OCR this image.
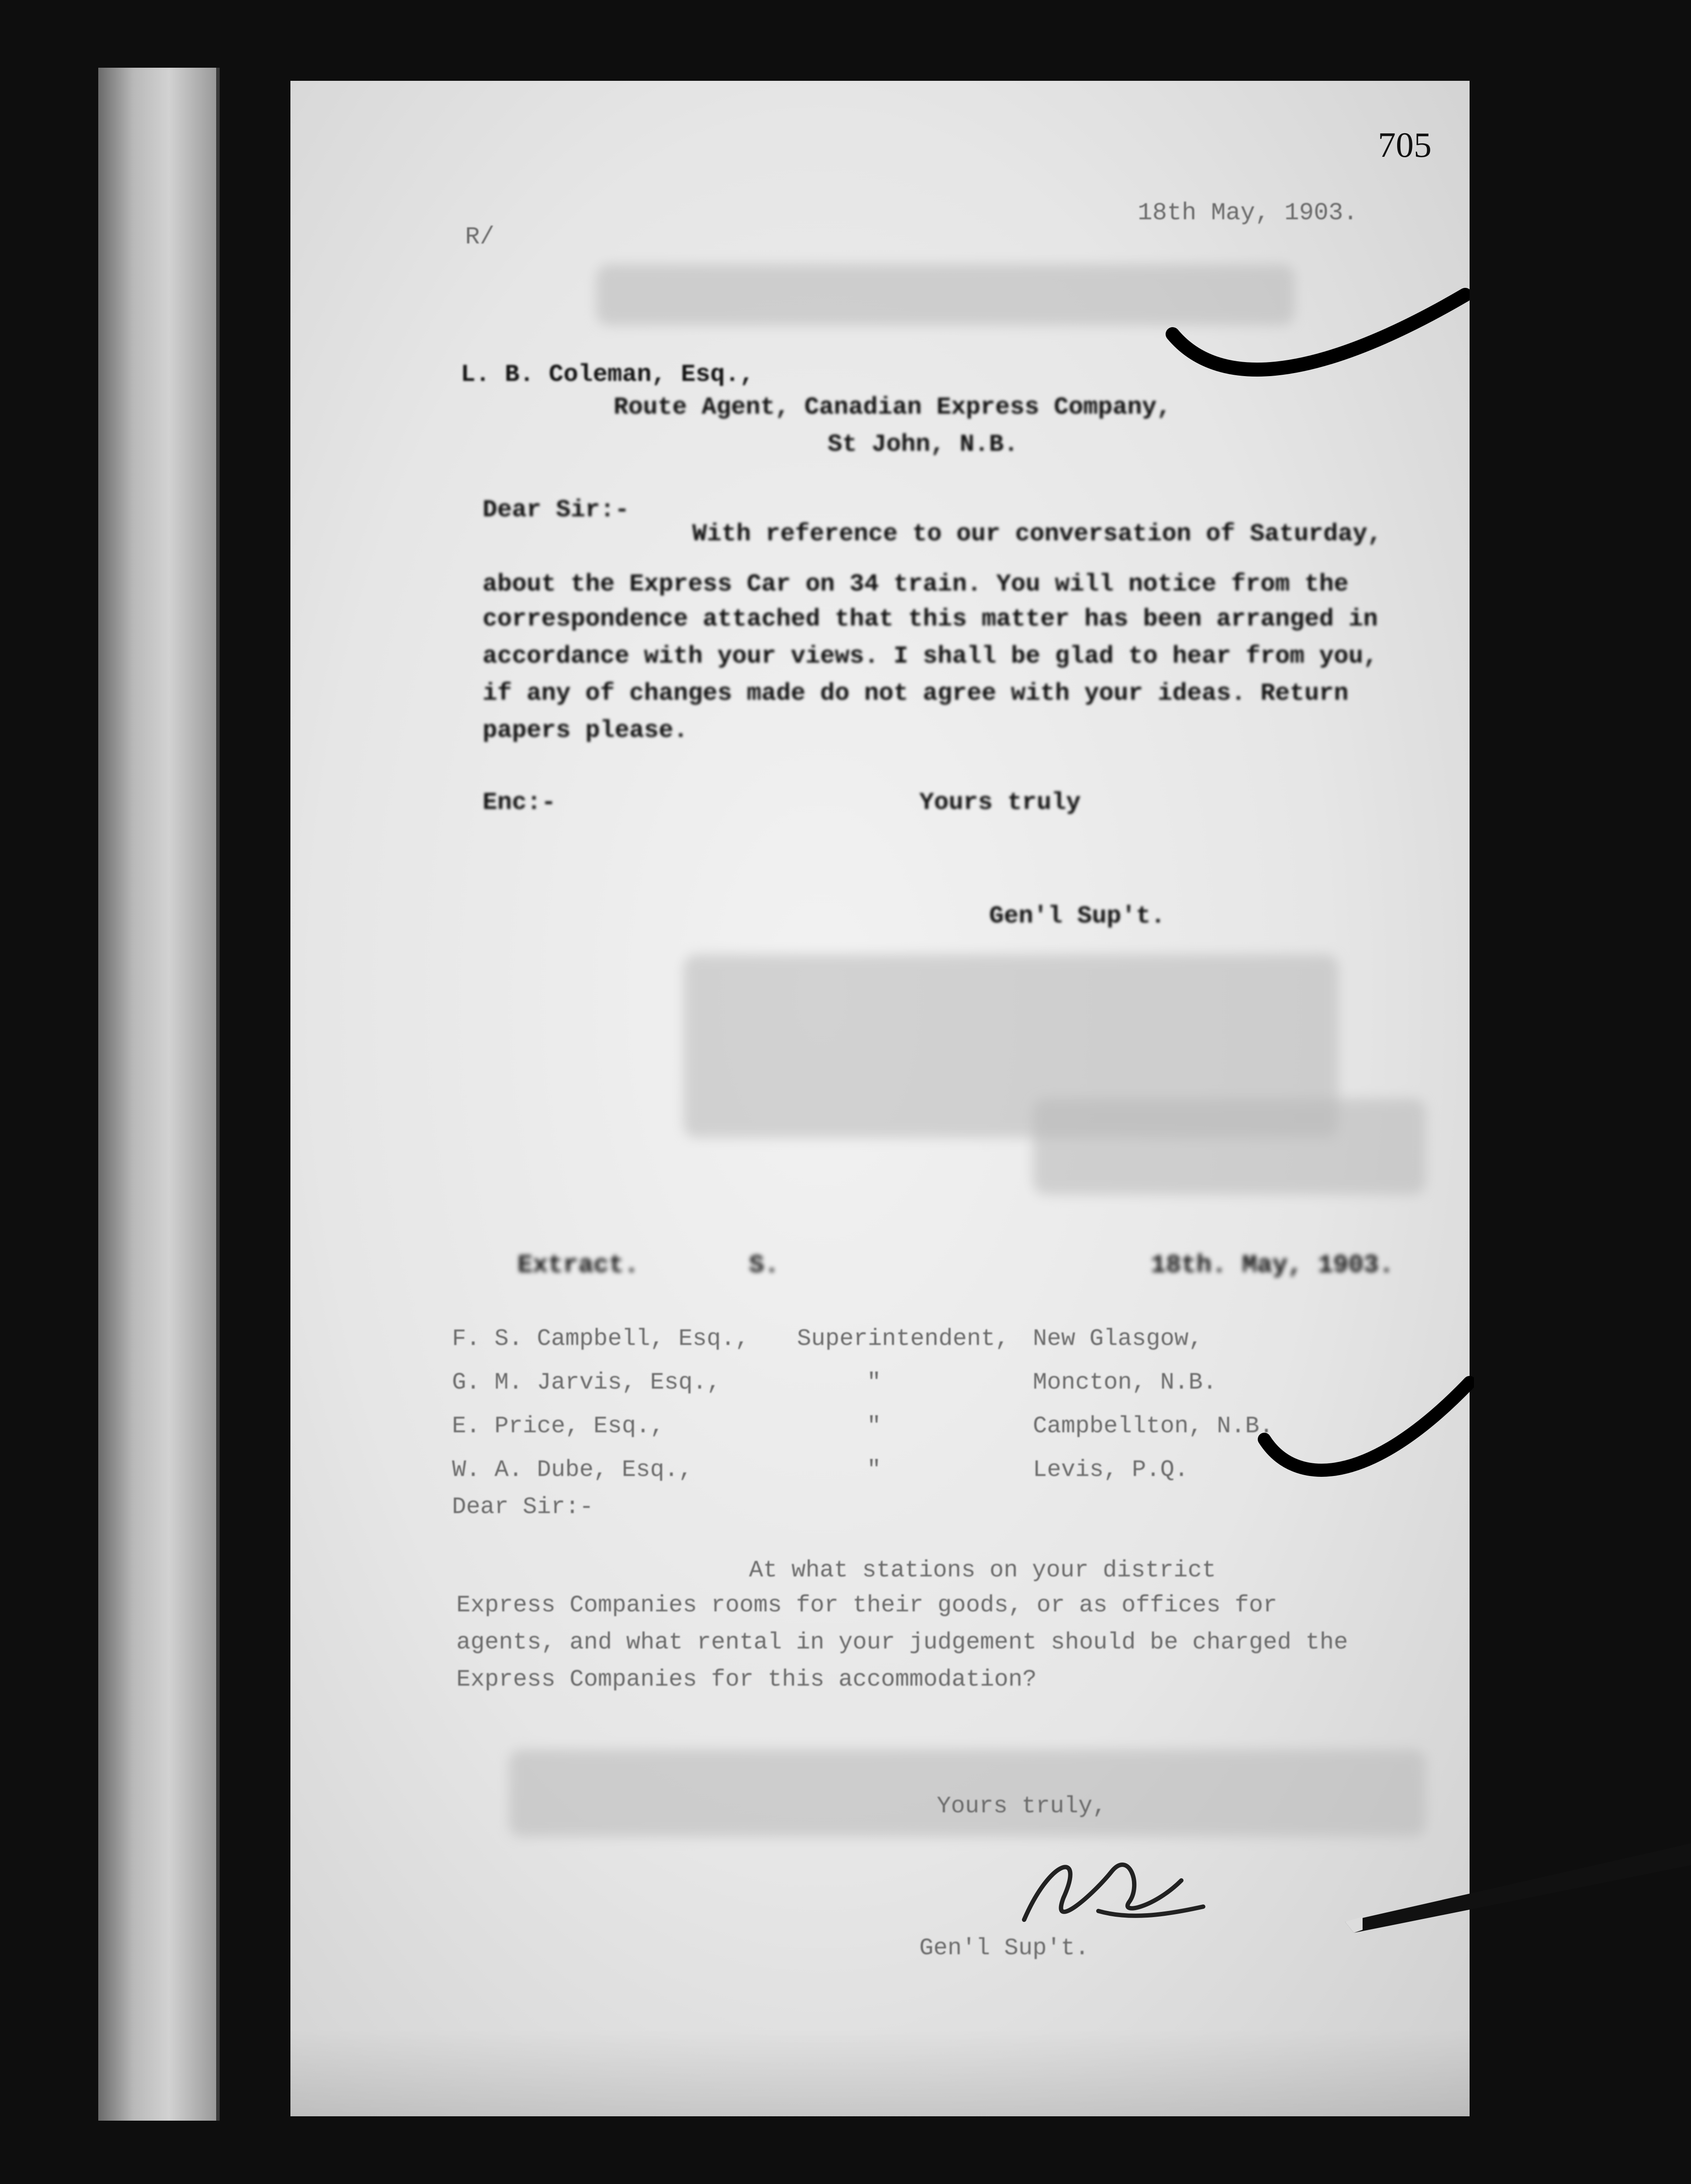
705
18th May, 1903.
R/
L. B. Coleman, Esq.,
Route Agent, Canadian Express Company,
St John, N.B.
Dear Sir:-
With reference to our conversation of Saturday,
about the Express Car on 34 train. You will notice from the
correspondence attached that this matter has been arranged in
accordance with your views. I shall be glad to hear from you,
if any of changes made do not agree with your ideas. Return
papers please.
Enc:-	Yours truly
Gen'l Sup't.
Extract.	S.	18th. May, 1903.
F. S. Campbell, Esq., Superintendent, New Glasgow,
G. M. Jarvis, Esq.,	"	Moncton, N.B.
E. Price, Esq.,	"	Campbellton, N.B.
W. A. Dube, Esq.,	"	Levis, P.Q.
Dear Sir:-
At what stations on your district
Express Companies rooms for their goods, or as offices for
agents, and what rental in your judgement should be charged the
Express Companies for this accommodation?
Yours truly,
Gen'l Sup't.
